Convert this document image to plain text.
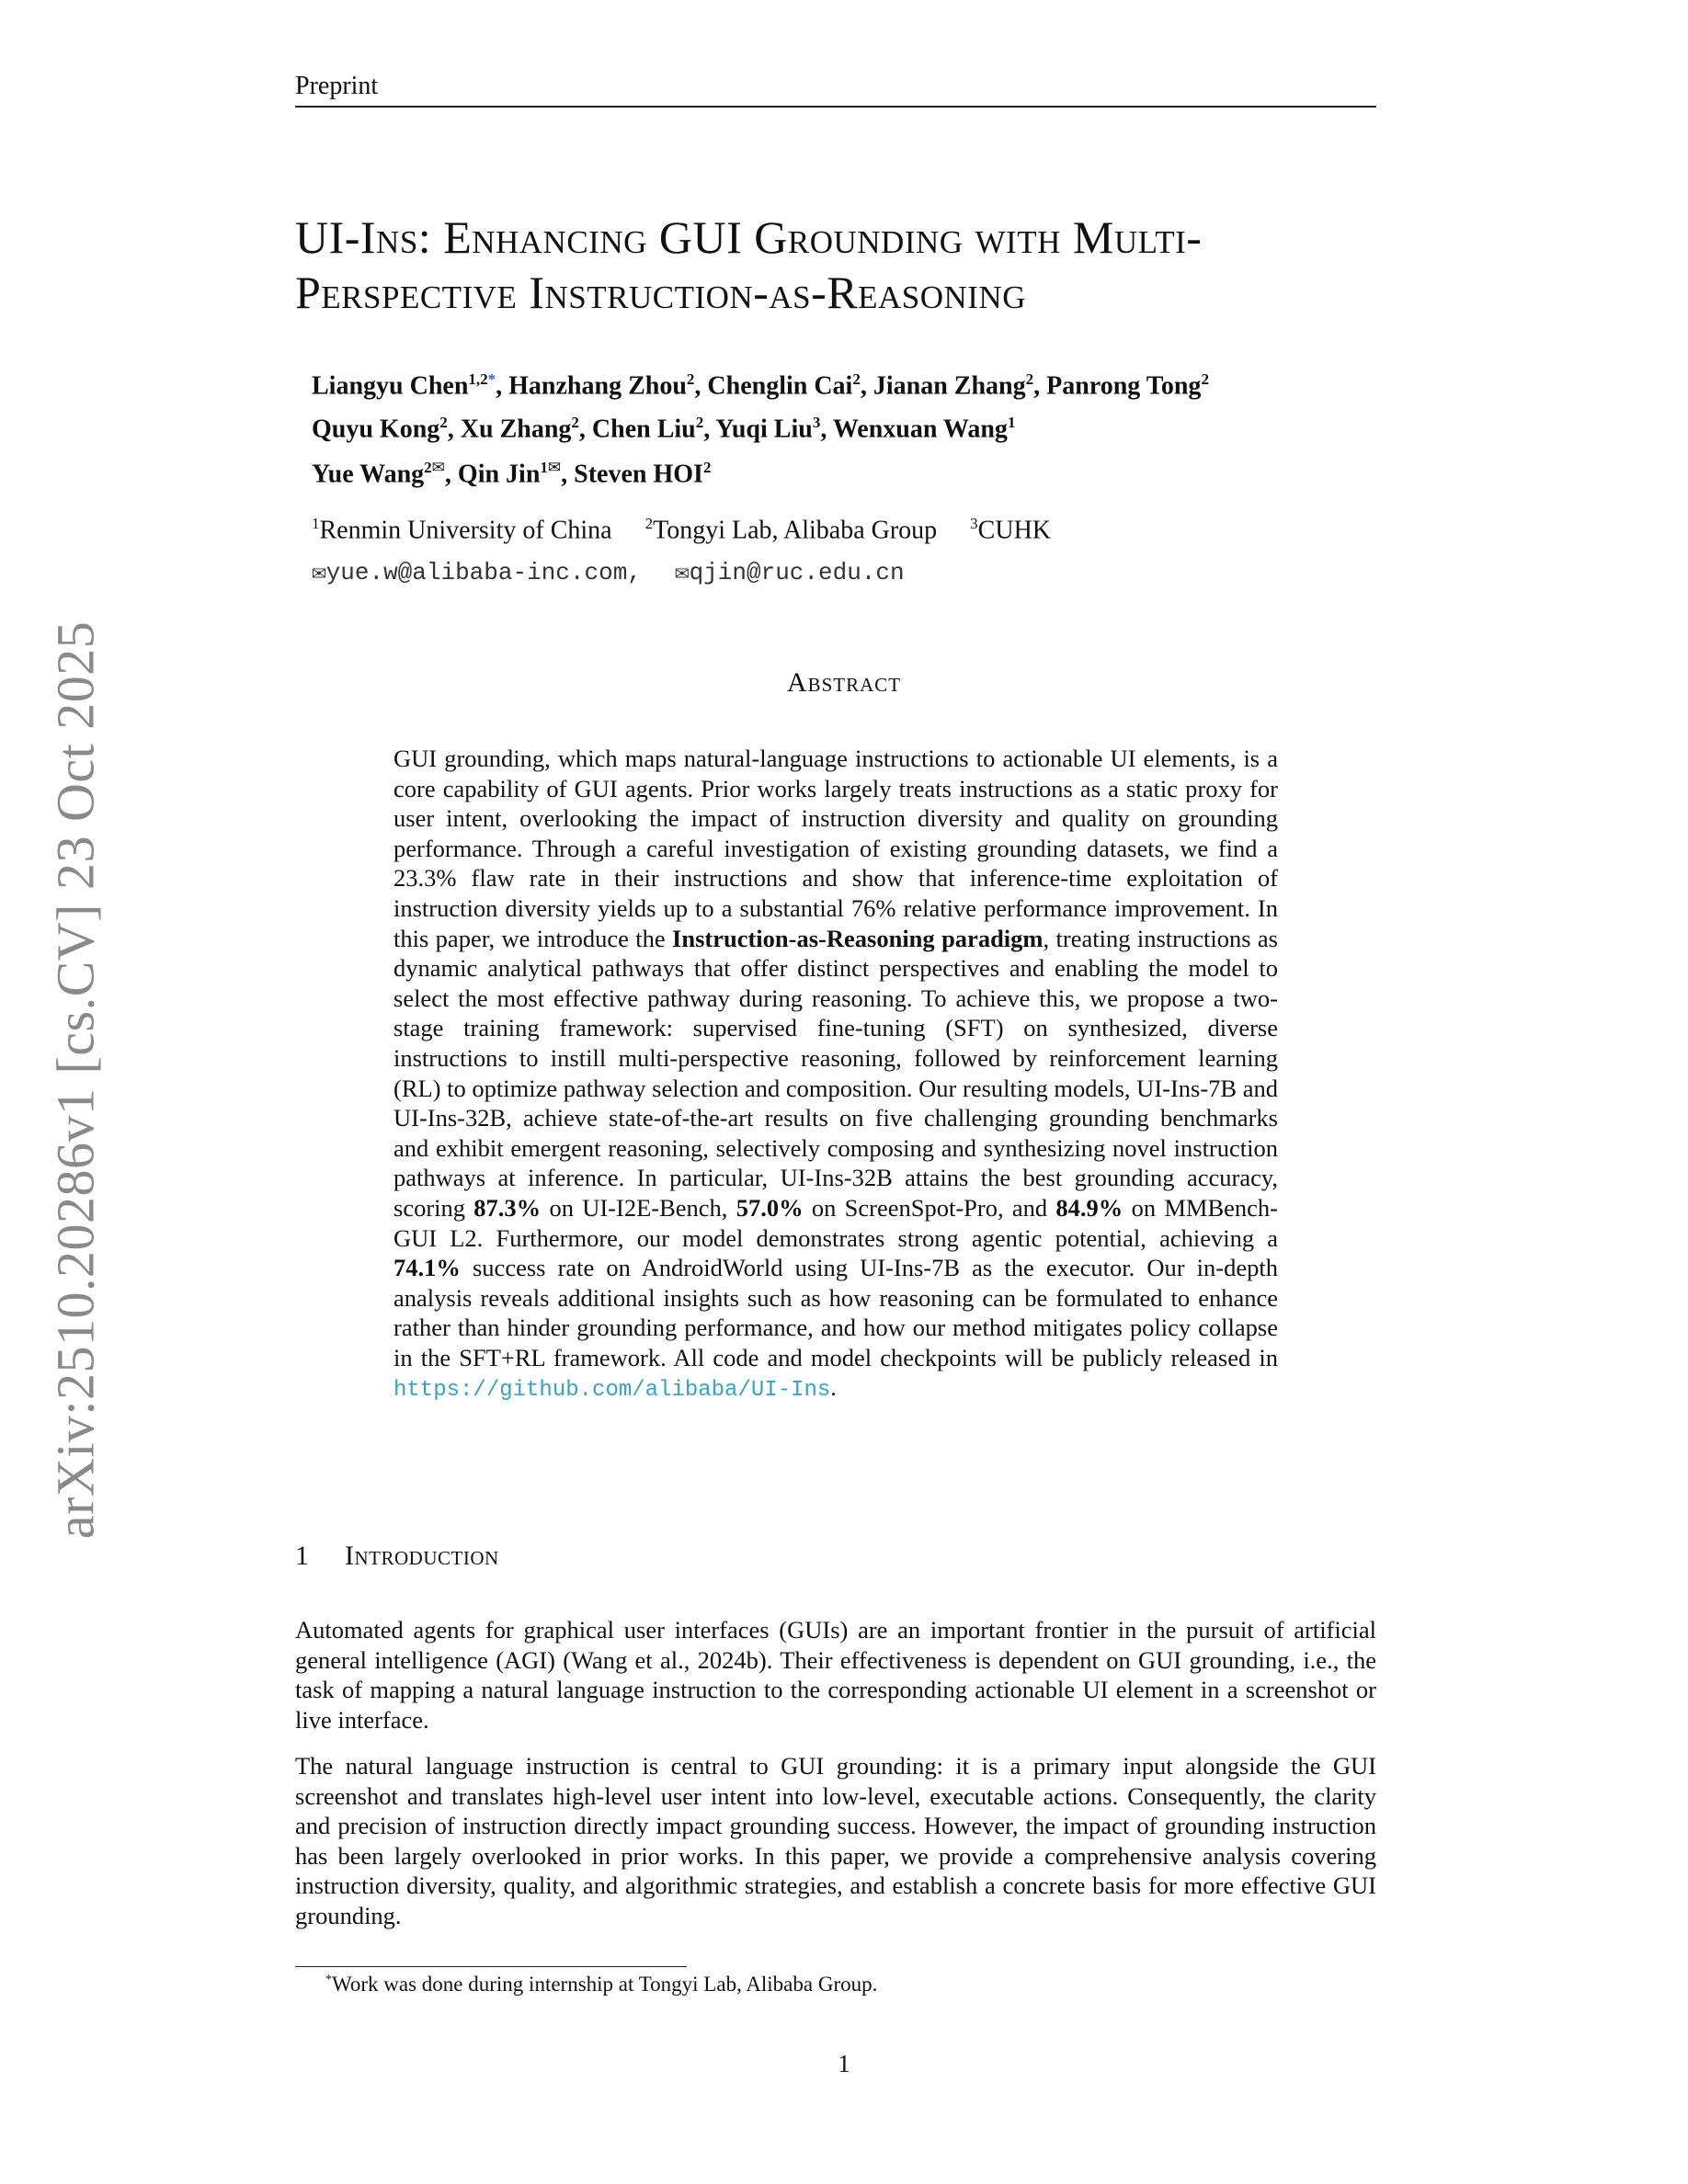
arXiv:2510.20286v1 [cs.CV] 23 Oct 2025
Preprint
UI-Ins: Enhancing GUI Grounding with Multi-
Perspective Instruction-as-Reasoning
Liangyu Chen$^{1,2*}$, Hanzhang Zhou$^2$, Chenglin Cai$^2$, Jianan Zhang$^2$, Panrong Tong$^2$
Quyu Kong$^2$, Xu Zhang$^2$, Chen Liu$^2$, Yuqi Liu$^3$, Wenxuan Wang$^1$
Yue Wang$^{2✉}$, Qin Jin$^{1✉}$, Steven HOI$^2$
$^1$Renmin University of China $^2$Tongyi Lab, Alibaba Group $^3$CUHK
✉yue.w@alibaba-inc.com, ✉qjin@ruc.edu.cn
Abstract
GUI grounding, which maps natural-language instructions to actionable UI elements, is a core capability of GUI agents. Prior works largely treats instructions as a static proxy for user intent, overlooking the impact of instruction diversity and quality on grounding performance. Through a careful investigation of existing grounding datasets, we find a 23.3% flaw rate in their instructions and show that inference-time exploitation of instruction diversity yields up to a substantial 76% relative performance improvement. In this paper, we introduce the Instruction-as-Reasoning paradigm, treating instructions as dynamic analytical pathways that offer distinct perspectives and enabling the model to select the most effective pathway during reasoning. To achieve this, we propose a two-stage training framework: supervised fine-tuning (SFT) on synthesized, diverse instructions to instill multi-perspective reasoning, followed by reinforcement learning (RL) to optimize pathway selection and composition. Our resulting models, UI-Ins-7B and UI-Ins-32B, achieve state-of-the-art results on five challenging grounding benchmarks and exhibit emergent reasoning, selectively composing and synthesizing novel instruction pathways at inference. In particular, UI-Ins-32B attains the best grounding accuracy, scoring 87.3% on UI-I2E-Bench, 57.0% on ScreenSpot-Pro, and 84.9% on MMBench-GUI L2. Furthermore, our model demonstrates strong agentic potential, achieving a 74.1% success rate on AndroidWorld using UI-Ins-7B as the executor. Our in-depth analysis reveals additional insights such as how reasoning can be formulated to enhance rather than hinder grounding performance, and how our method mitigates policy collapse in the SFT+RL framework. All code and model checkpoints will be publicly released in https://github.com/alibaba/UI-Ins.
1 Introduction
Automated agents for graphical user interfaces (GUIs) are an important frontier in the pursuit of artificial general intelligence (AGI) (Wang et al., 2024b). Their effectiveness is dependent on GUI grounding, i.e., the task of mapping a natural language instruction to the corresponding actionable UI element in a screenshot or live interface.
The natural language instruction is central to GUI grounding: it is a primary input alongside the GUI screenshot and translates high-level user intent into low-level, executable actions. Consequently, the clarity and precision of instruction directly impact grounding success. However, the impact of grounding instruction has been largely overlooked in prior works. In this paper, we provide a comprehensive analysis covering instruction diversity, quality, and algorithmic strategies, and establish a concrete basis for more effective GUI grounding.
*Work was done during internship at Tongyi Lab, Alibaba Group.
1
